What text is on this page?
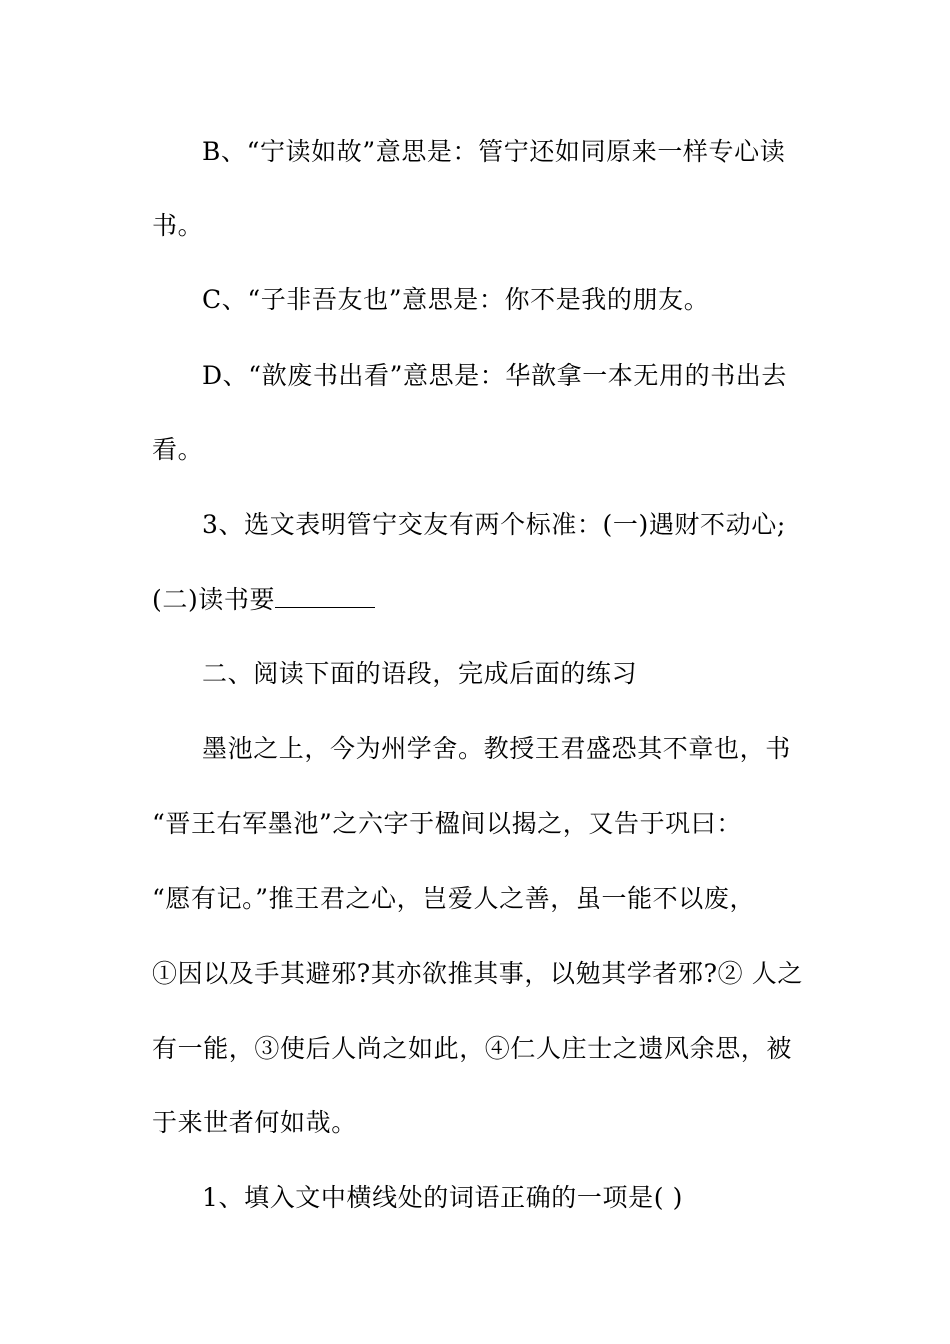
B、“宁读如故”意思是：管宁还如同原来一样专心读
书。
C、“子非吾友也”意思是：你不是我的朋友。
D、“歆废书出看”意思是：华歆拿一本无用的书出去
看。
3、选文表明管宁交友有两个标准：(一)遇财不动心;
(二)读书要
二、阅读下面的语段，完成后面的练习
墨池之上，今为州学舍。教授王君盛恐其不章也，书
“晋王右军墨池”之六字于楹间以揭之，又告于巩曰：
“愿有记。”推王君之心，岂爱人之善，虽一能不以废，
①因以及手其避邪?其亦欲推其事，以勉其学者邪?② 人之
有一能，③使后人尚之如此，④仁人庄士之遗风余思，被
于来世者何如哉。
1、填入文中横线处的词语正确的一项是( )
